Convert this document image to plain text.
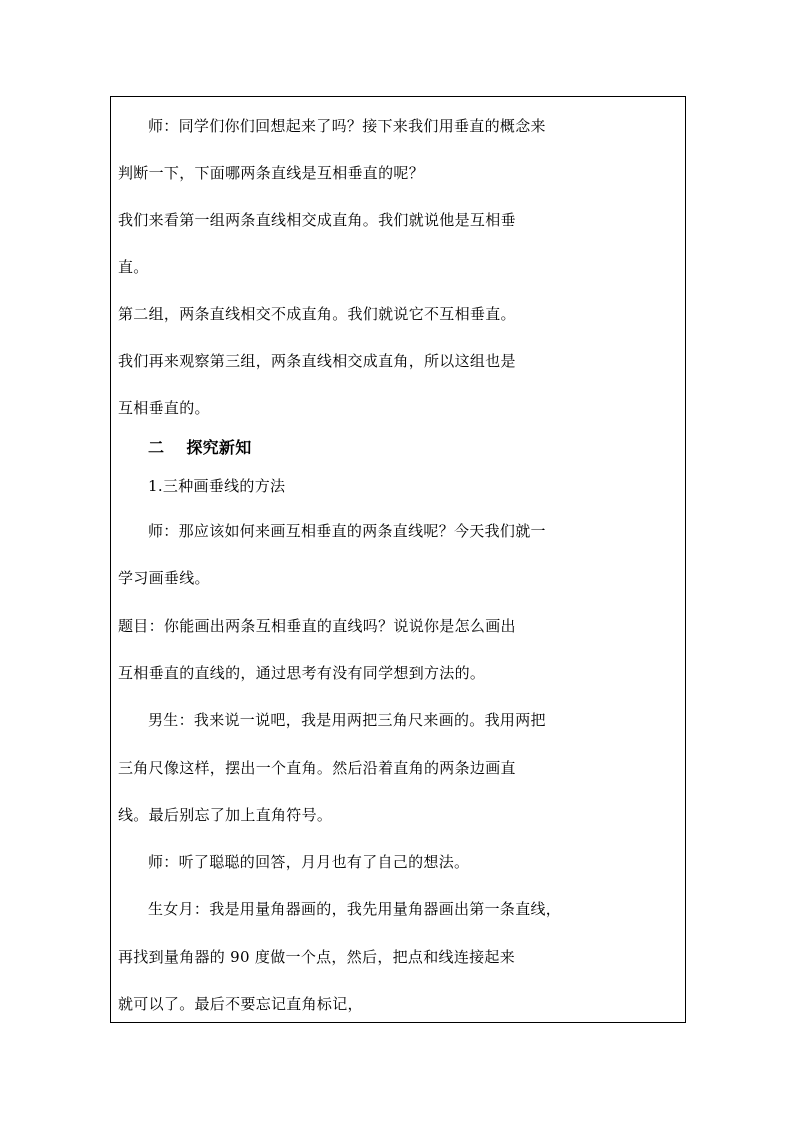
师：同学们你们回想起来了吗？接下来我们用垂直的概念来
判断一下，下面哪两条直线是互相垂直的呢？
我们来看第一组两条直线相交成直角。我们就说他是互相垂
直。
第二组，两条直线相交不成直角。我们就说它不互相垂直。
我们再来观察第三组，两条直线相交成直角，所以这组也是
互相垂直的。
二 探究新知
1.三种画垂线的方法
师：那应该如何来画互相垂直的两条直线呢？今天我们就一
学习画垂线。
题目：你能画出两条互相垂直的直线吗？说说你是怎么画出
互相垂直的直线的，通过思考有没有同学想到方法的。
男生：我来说一说吧，我是用两把三角尺来画的。我用两把
三角尺像这样，摆出一个直角。然后沿着直角的两条边画直
线。最后别忘了加上直角符号。
师：听了聪聪的回答，月月也有了自己的想法。
生女月：我是用量角器画的，我先用量角器画出第一条直线，
再找到量角器的 90 度做一个点，然后，把点和线连接起来
就可以了。最后不要忘记直角标记，
